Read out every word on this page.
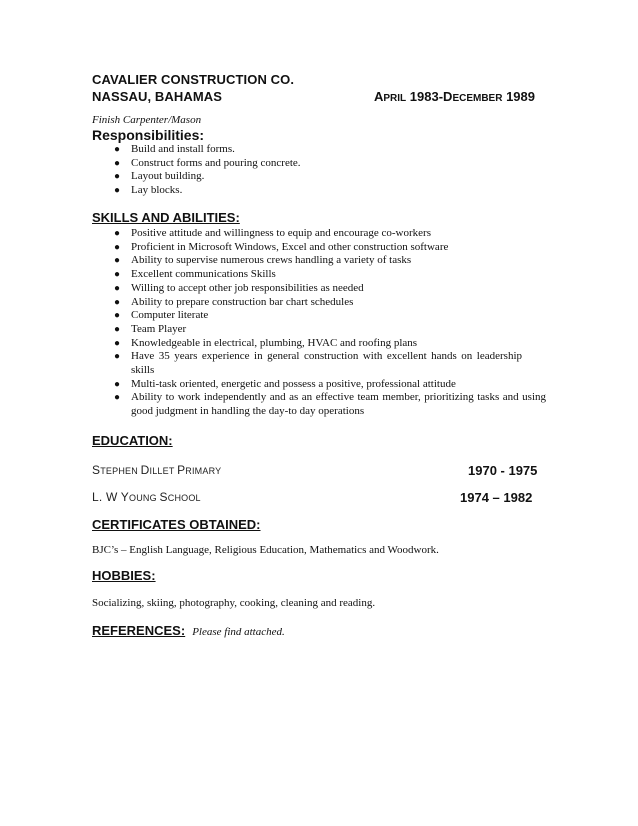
CAVALIER CONSTRUCTION CO.
NASSAU, BAHAMAS	APRIL 1983-DECEMBER 1989
Finish Carpenter/Mason
Responsibilities:
● Build and install forms.
● Construct forms and pouring concrete.
● Layout building.
● Lay blocks.
SKILLS AND ABILITIES:
● Positive attitude and willingness to equip and encourage co-workers
● Proficient in Microsoft Windows, Excel and other construction software
● Ability to supervise numerous crews handling a variety of tasks
● Excellent communications Skills
● Willing to accept other job responsibilities as needed
● Ability to prepare construction bar chart schedules
● Computer literate
● Team Player
● Knowledgeable in electrical, plumbing, HVAC and roofing plans
● Have 35 years experience in general construction with excellent hands on leadership skills
● Multi-task oriented, energetic and possess a positive, professional attitude
● Ability to work independently and as an effective team member, prioritizing tasks and using good judgment in handling the day-to day operations
EDUCATION:
STEPHEN DILLET PRIMARY	1970 - 1975
L. W YOUNG SCHOOL	1974 – 1982
CERTIFICATES OBTAINED:
BJC’s – English Language, Religious Education, Mathematics and Woodwork.
HOBBIES:
Socializing, skiing, photography, cooking, cleaning and reading.
REFERENCES: Please find attached.
